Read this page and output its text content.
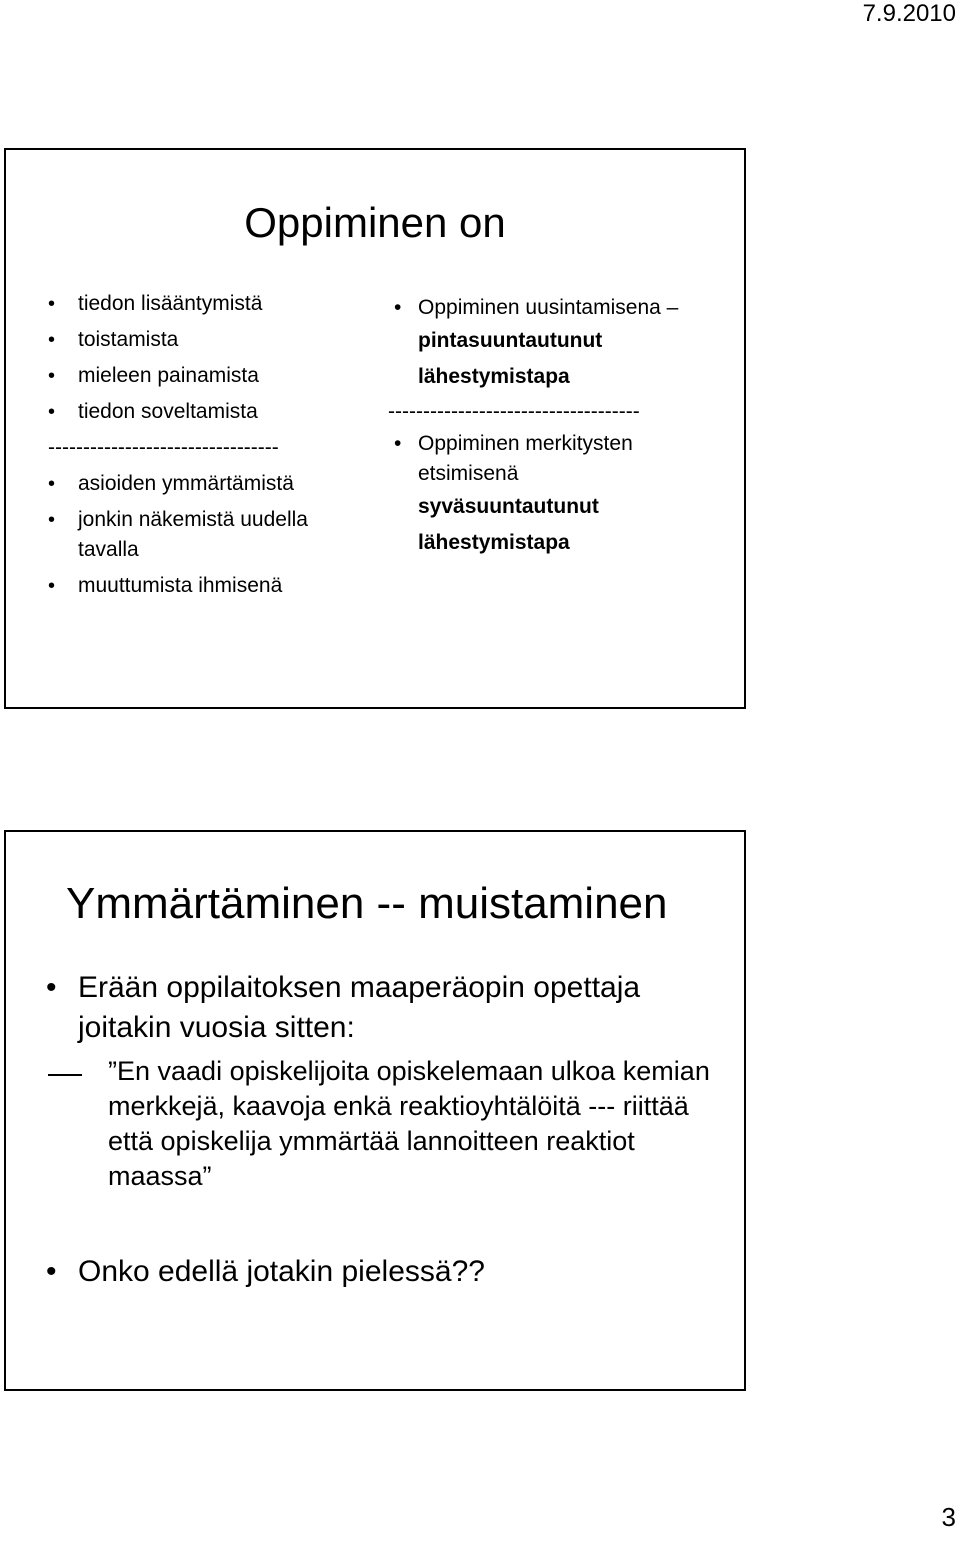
7.9.2010
Oppiminen on
• tiedon lisääntymistä
• toistamista
• mieleen painamista
• tiedon soveltamista
---------------------------------
• asioiden ymmärtämistä
• jonkin näkemistä uudella tavalla
• muuttumista ihmisenä
• Oppiminen uusintamisena –
pintasuuntautunut lähestymistapa
------------------------------------
• Oppiminen merkitysten etsimisenä
syväsuuntautunut lähestymistapa
Ymmärtäminen -- muistaminen
• Erään oppilaitoksen maaperäopin opettaja joitakin vuosia sitten:
”En vaadi opiskelijoita opiskelemaan ulkoa kemian merkkejä, kaavoja enkä reaktioyhtälöitä --- riittää että opiskelija ymmärtää lannoitteen reaktiot maassa”
• Onko edellä jotakin pielessä??
3
